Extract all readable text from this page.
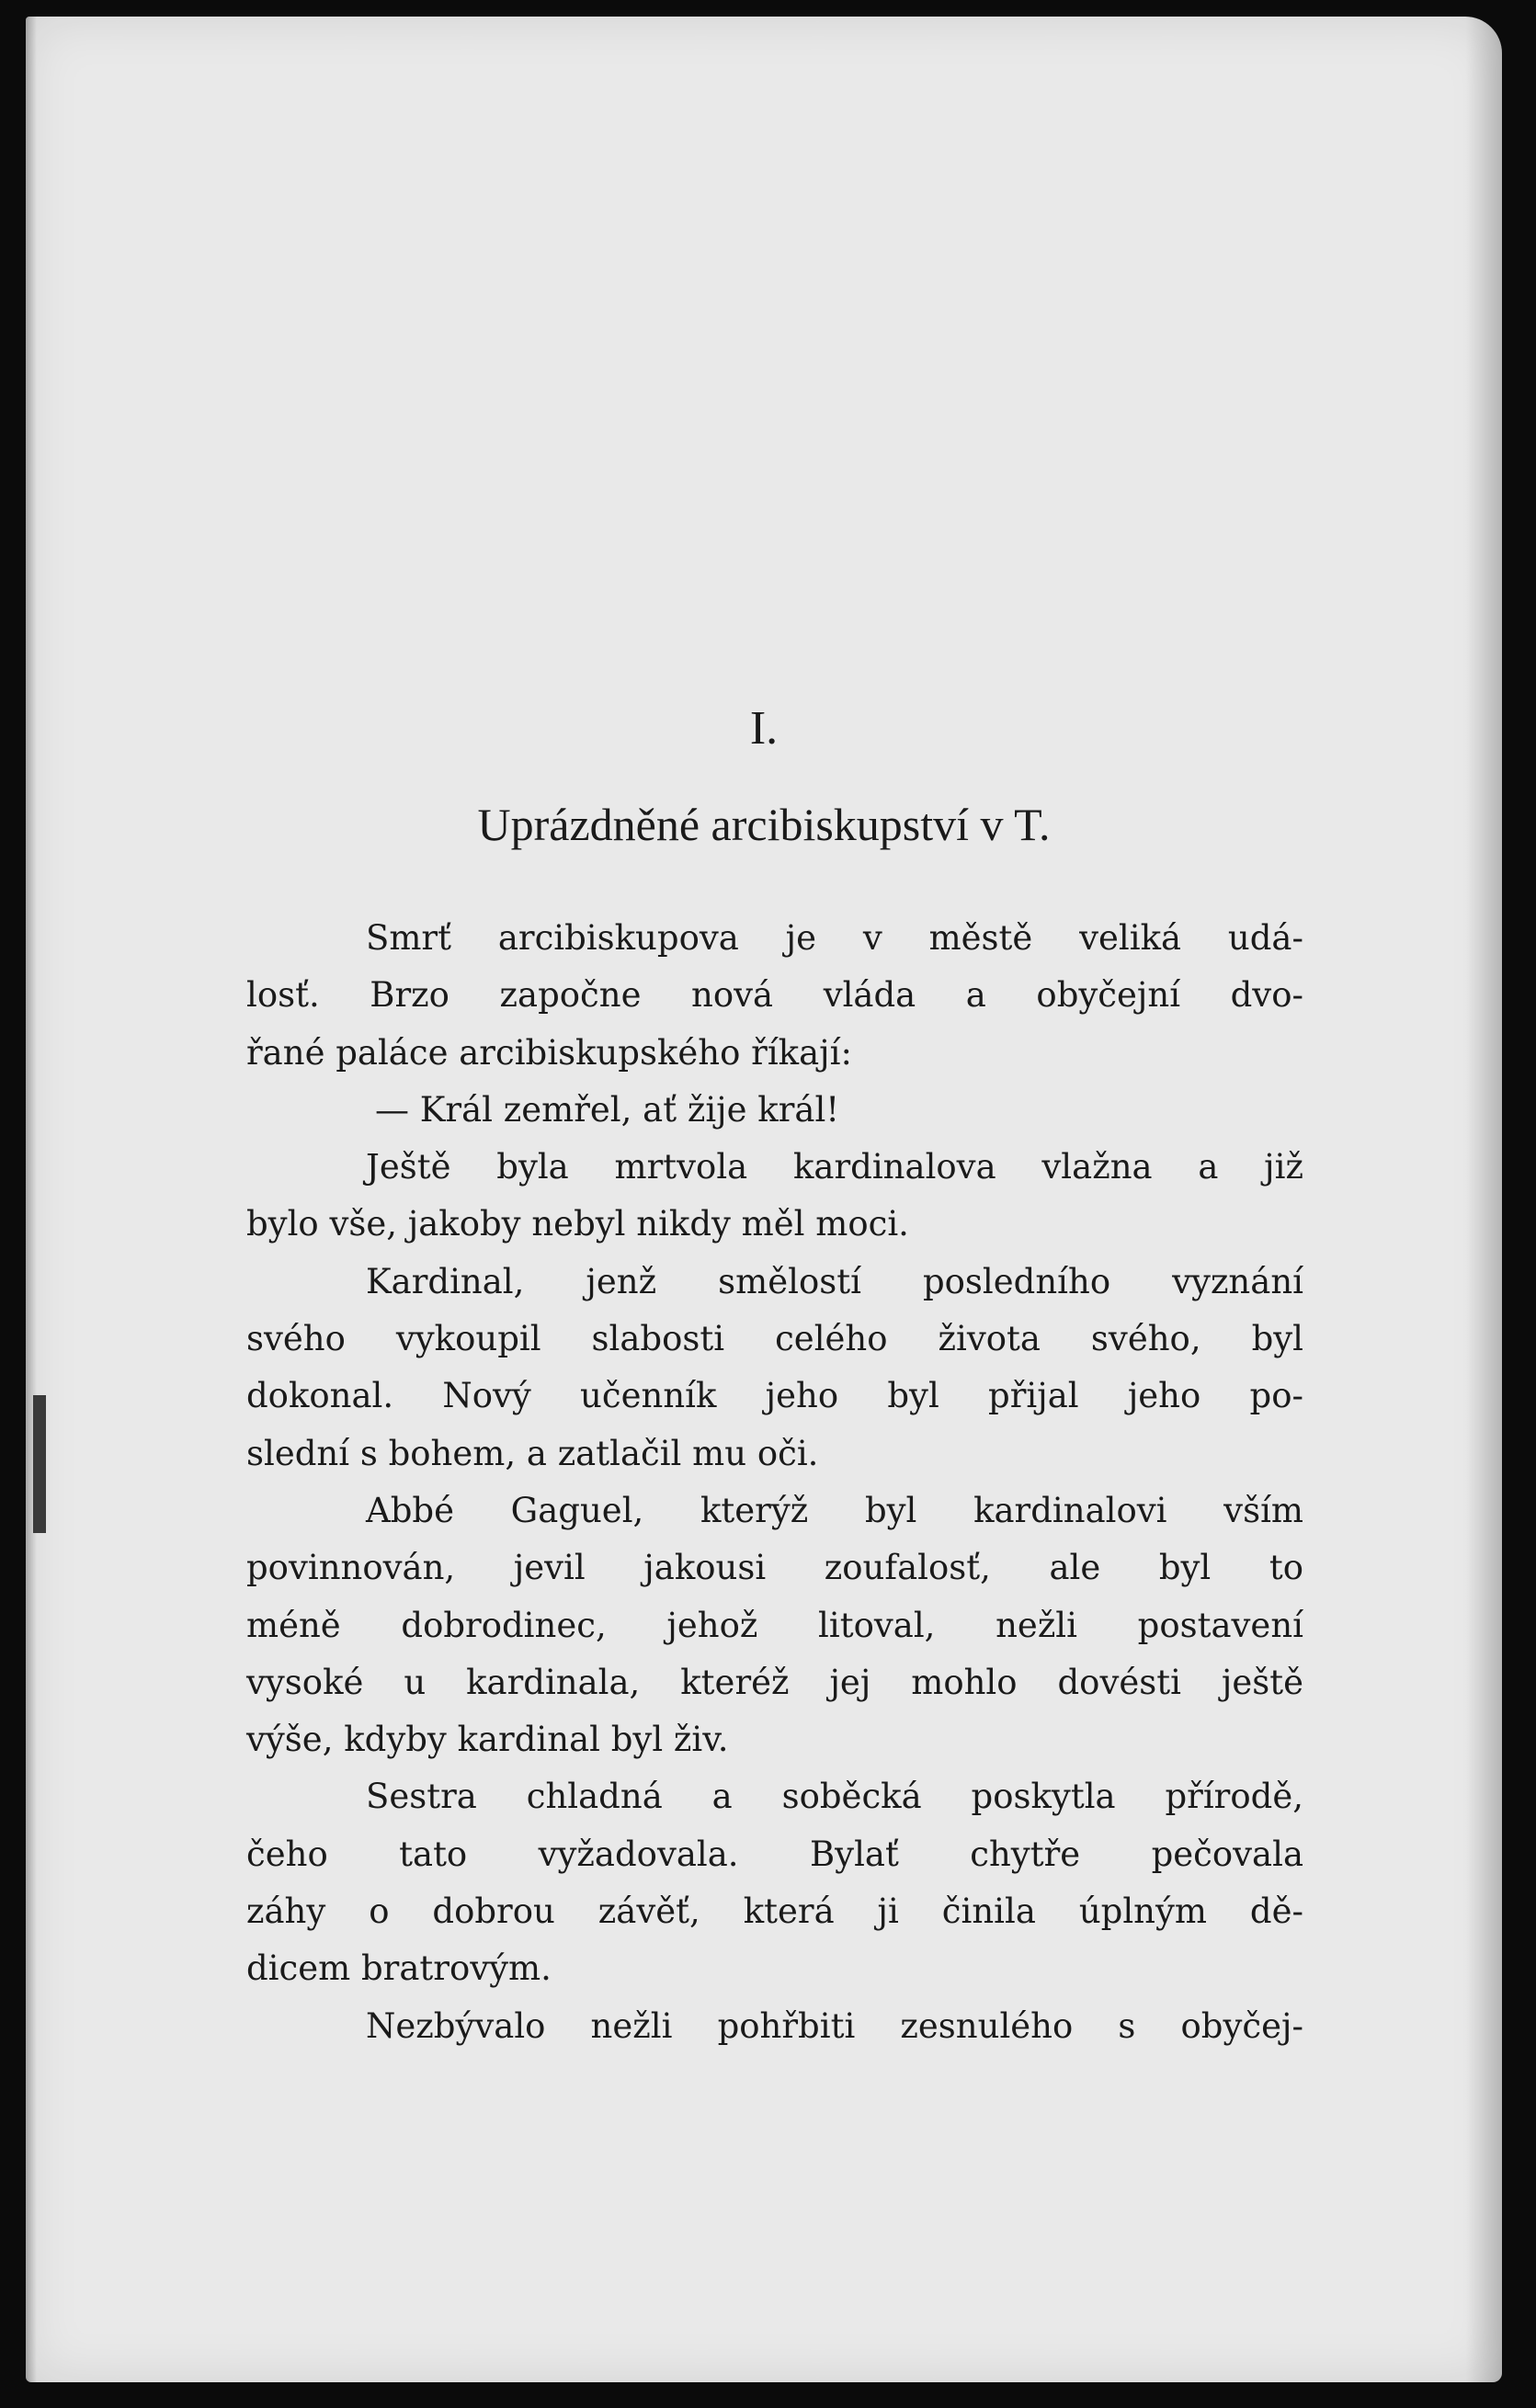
I.
Uprázdněné arcibiskupství v T.
Smrť arcibiskupova je v městě veliká udá-
losť. Brzo započne nová vláda a obyčejní dvo-
řané paláce arcibiskupského říkají:
— Král zemřel, ať žije král!
Ještě byla mrtvola kardinalova vlažna a již
bylo vše, jakoby nebyl nikdy měl moci.
Kardinal, jenž smělostí posledního vyznání
svého vykoupil slabosti celého života svého, byl
dokonal. Nový učenník jeho byl přijal jeho po-
slední s bohem, a zatlačil mu oči.
Abbé Gaguel, kterýž byl kardinalovi vším
povinnován, jevil jakousi zoufalosť, ale byl to
méně dobrodinec, jehož litoval, nežli postavení
vysoké u kardinala, kteréž jej mohlo dovésti ještě
výše, kdyby kardinal byl živ.
Sestra chladná a soběcká poskytla přírodě,
čeho tato vyžadovala. Bylať chytře pečovala
záhy o dobrou závěť, která ji činila úplným dě-
dicem bratrovým.
Nezbývalo nežli pohřbiti zesnulého s obyčej-
